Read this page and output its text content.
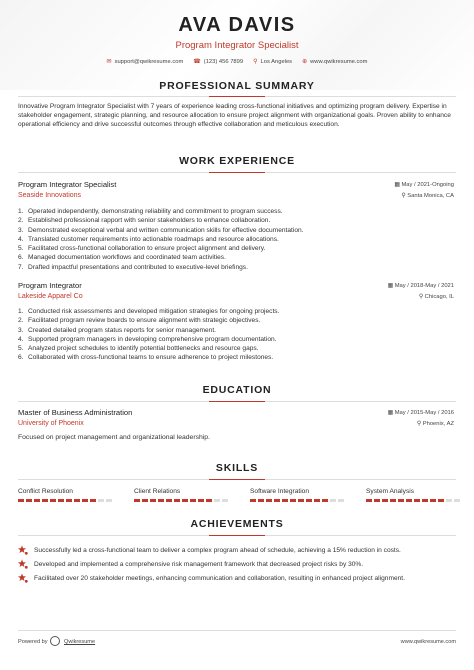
AVA DAVIS
Program Integrator Specialist
✉ support@qwikresume.com ☎ (123) 456 7899 ⚲ Los Angeles ⊕ www.qwikresume.com
PROFESSIONAL SUMMARY
Innovative Program Integrator Specialist with 7 years of experience leading cross-functional initiatives and optimizing program delivery. Expertise in stakeholder engagement, strategic planning, and resource allocation to ensure project alignment with organizational goals. Proven ability to enhance operational efficiency and drive successful outcomes through effective collaboration and meticulous execution.
WORK EXPERIENCE
Program Integrator Specialist
Seaside Innovations
▦ May / 2021-Ongoing
⚲ Santa Monica, CA
1. Operated independently, demonstrating reliability and commitment to program success.
2. Established professional rapport with senior stakeholders to enhance collaboration.
3. Demonstrated exceptional verbal and written communication skills for effective documentation.
4. Translated customer requirements into actionable roadmaps and resource allocations.
5. Facilitated cross-functional collaboration to ensure project alignment and delivery.
6. Managed documentation workflows and coordinated team activities.
7. Drafted impactful presentations and contributed to executive-level briefings.
Program Integrator
Lakeside Apparel Co
▦ May / 2018-May / 2021
⚲ Chicago, IL
1. Conducted risk assessments and developed mitigation strategies for ongoing projects.
2. Facilitated program review boards to ensure alignment with strategic objectives.
3. Created detailed program status reports for senior management.
4. Supported program managers in developing comprehensive program documentation.
5. Analyzed project schedules to identify potential bottlenecks and resource gaps.
6. Collaborated with cross-functional teams to ensure adherence to project milestones.
EDUCATION
Master of Business Administration
University of Phoenix
▦ May / 2015-May / 2016
⚲ Phoenix, AZ
Focused on project management and organizational leadership.
SKILLS
Conflict Resolution	Client Relations	Software Integration	System Analysis
ACHIEVEMENTS
Successfully led a cross-functional team to deliver a complex program ahead of schedule, achieving a 15% reduction in costs.
Developed and implemented a comprehensive risk management framework that decreased project risks by 30%.
Facilitated over 20 stakeholder meetings, enhancing communication and collaboration, resulting in enhanced project alignment.
Powered by	Qwikresume	www.qwikresume.com
